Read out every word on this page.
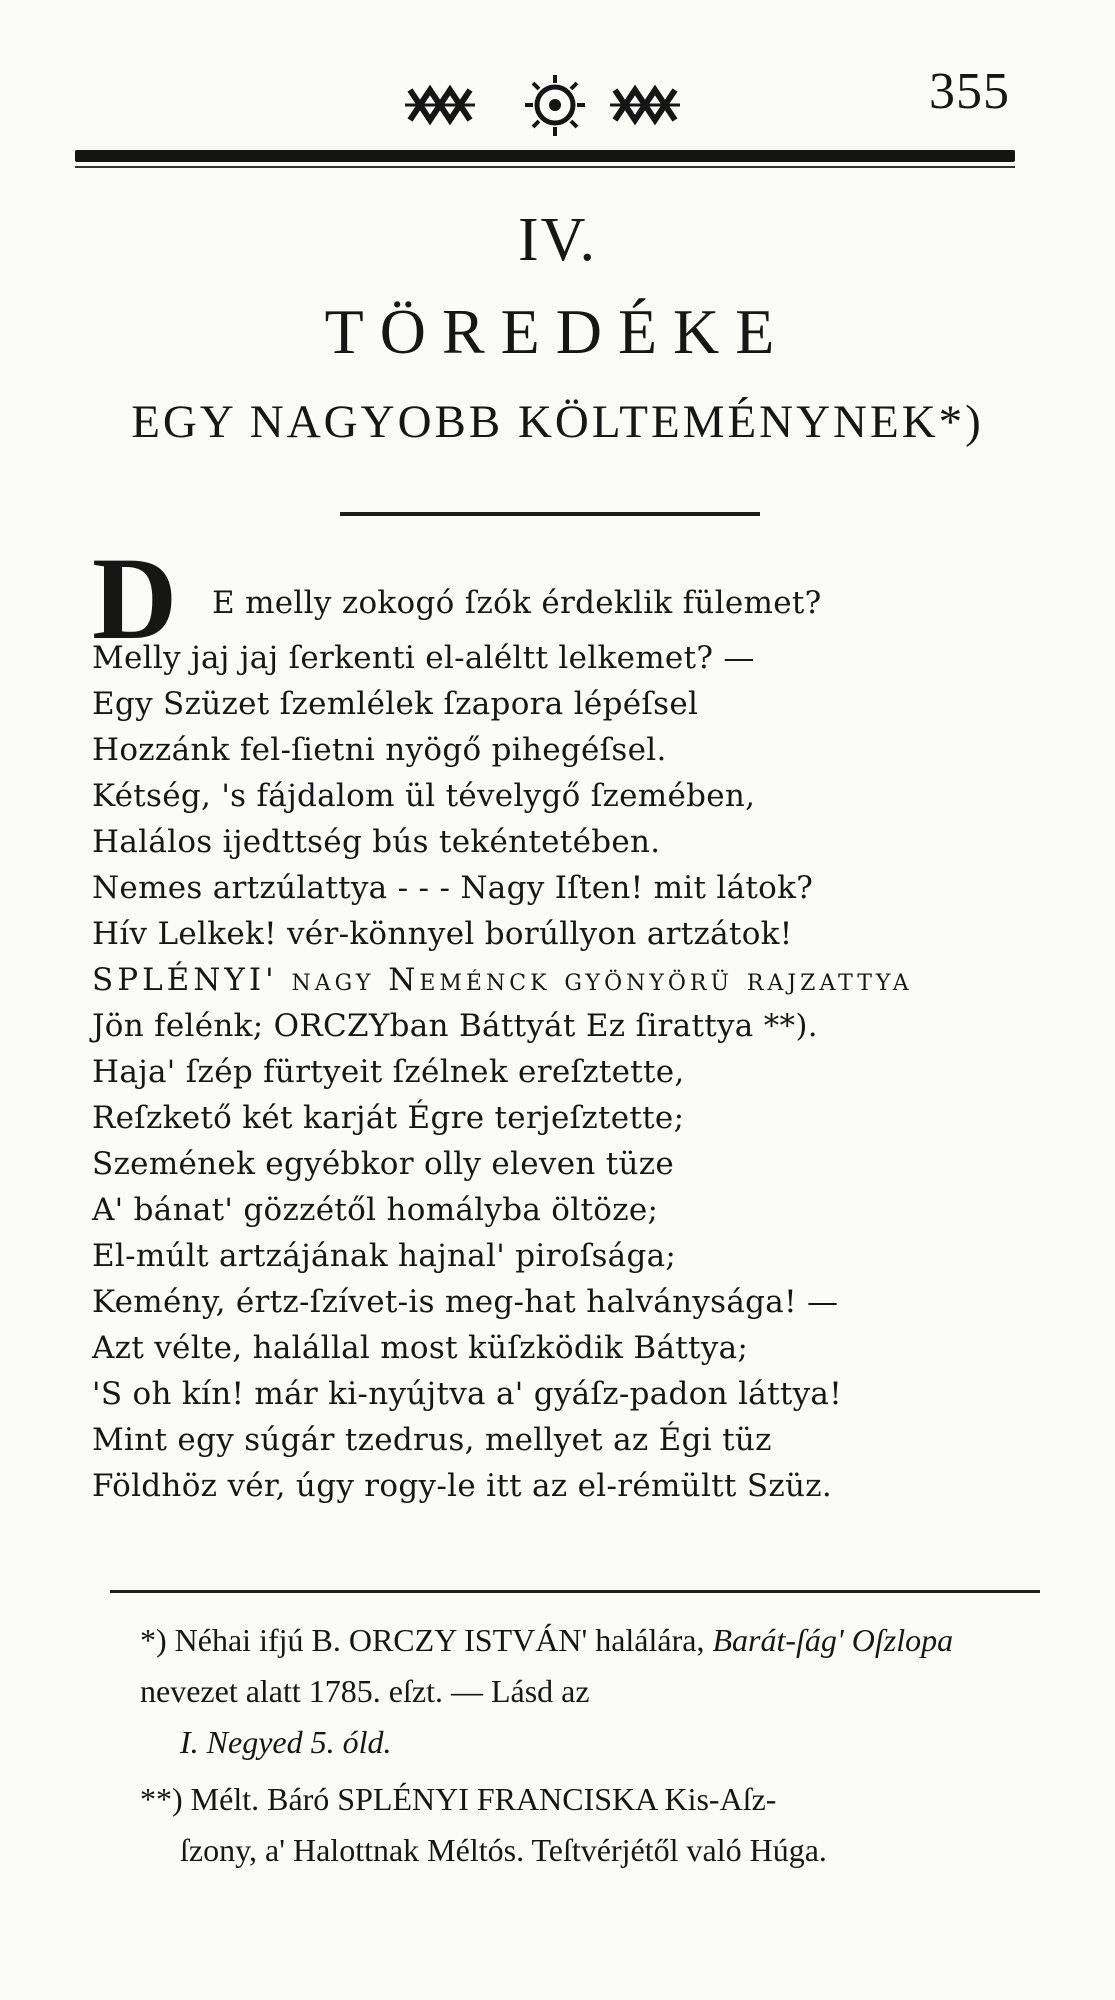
355
IV.
TÖREDÉKE
EGY NAGYOBB KÖLTEMÉNYNEK*)
D E melly zokogó ſzók érdeklik fülemet?
Melly jaj jaj ſerkenti el-aléltt lelkemet? —
Egy Szüzet ſzemlélek ſzapora lépéſsel
Hozzánk fel-ſietni nyögő pihegéſsel.
Kétség, 's fájdalom ül tévelygő ſzemében,
Halálos ijedttség bús tekéntetében.
Nemes artzúlattya - - - Nagy Iſten! mit látok?
Hív Lelkek! vér-könnyel borúllyon artzátok!
SPLÉNYI' nagy Neménck gyönyörü rajzattya
Jön felénk; ORCZYban Báttyát Ez ſirattya **).
Haja' ſzép fürtyeit ſzélnek ereſztette,
Reſzkető két karját Égre terjeſztette;
Szemének egyébkor olly eleven tüze
A' bánat' gözzétől homályba öltöze;
El-múlt artzájának hajnal' piroſsága;
Kemény, értz-ſzívet-is meg-hat halványsága! —
Azt vélte, halállal most küſzködik Báttya;
'S oh kín! már ki-nyújtva a' gyáſz-padon láttya!
Mint egy súgár tzedrus, mellyet az Égi tüz
Földhöz vér, úgy rogy-le itt az el-rémültt Szüz.
*) Néhai ifjú B. ORCZY ISTVÁN' halálára, Barát-ſág' Oſzlopa nevezet alatt 1785. eſzt. — Lásd az
I. Negyed 5. óld.
**) Mélt. Báró SPLÉNYI FRANCISKA Kis-Aſz-
ſzony, a' Halottnak Méltós. Teſtvérjétől való Húga.
